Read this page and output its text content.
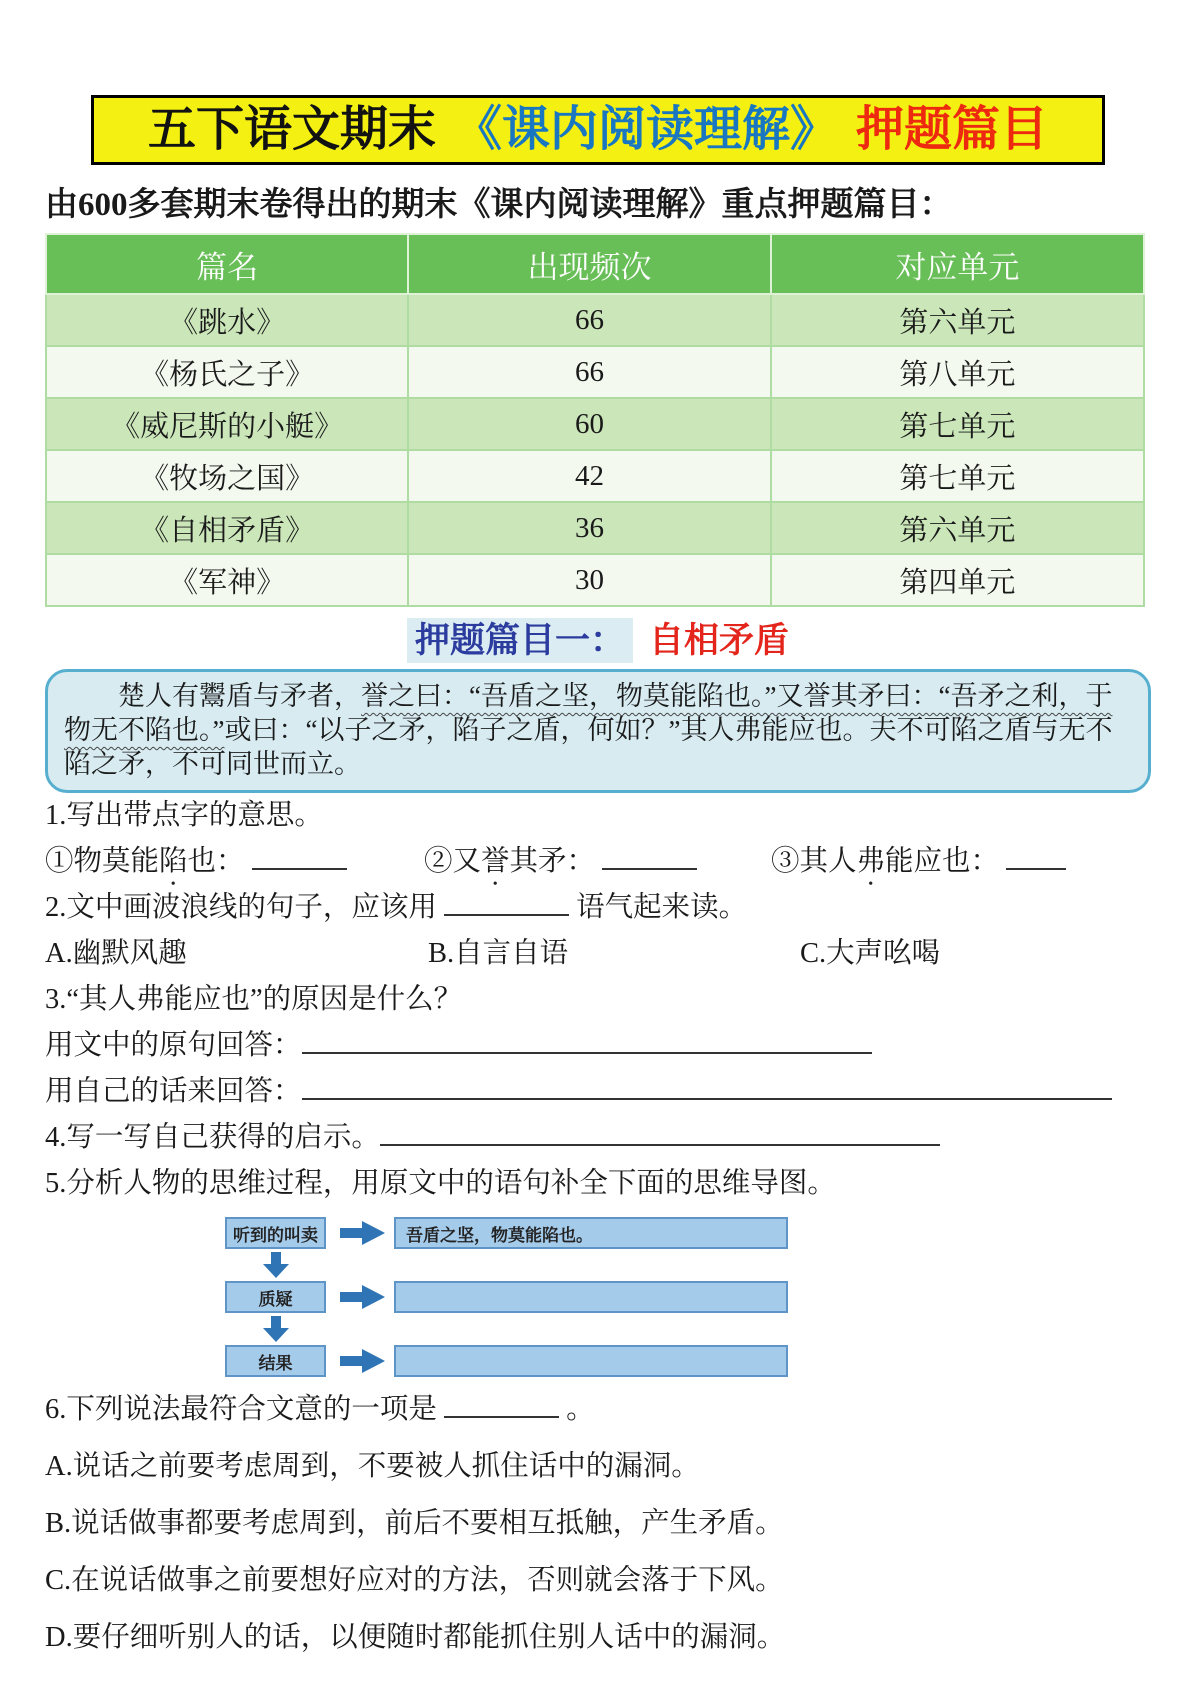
五下语文期末 《课内阅读理解》 押题篇目
由600多套期末卷得出的期末《课内阅读理解》重点押题篇目：
篇名	出现频次	对应单元
《跳水》	66	第六单元
《杨氏之子》	66	第八单元
《威尼斯的小艇》	60	第七单元
《牧场之国》	42	第七单元
《自相矛盾》	36	第六单元
《军神》	30	第四单元
押题篇目一： 自相矛盾

楚人有鬻盾与矛者，誉之曰：“吾盾之坚，物莫能陷也。”又誉其矛曰：“吾矛之利，于物无不陷也。”或曰：“以子之矛，陷子之盾，何如？”其人弗能应也。夫不可陷之盾与无不陷之矛，不可同世而立。

1.写出带点字的意思。
①物莫能陷也：	②又誉其矛：	③其人弗能应也：
2.文中画波浪线的句子，应该用	语气起来读。
A.幽默风趣	B.自言自语	C.大声吆喝
3.“其人弗能应也”的原因是什么？
用文中的原句回答：
用自己的话来回答：
4.写一写自己获得的启示。
5.分析人物的思维过程，用原文中的语句补全下面的思维导图。
听到的叫卖	吾盾之坚，物莫能陷也。
质疑
结果
6.下列说法最符合文意的一项是	。
A.说话之前要考虑周到，不要被人抓住话中的漏洞。
B.说话做事都要考虑周到，前后不要相互抵触，产生矛盾。
C.在说话做事之前要想好应对的方法，否则就会落于下风。
D.要仔细听别人的话，以便随时都能抓住别人话中的漏洞。
